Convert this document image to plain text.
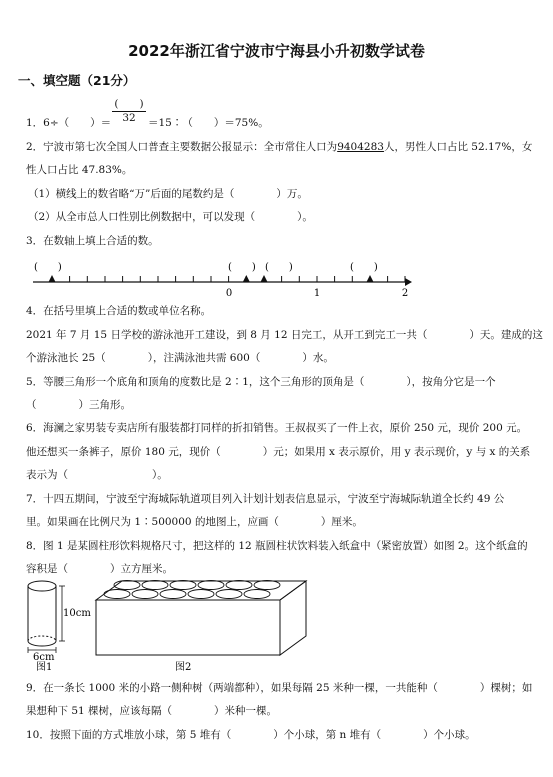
2022年浙江省宁波市宁海县小升初数学试卷
一、填空题（21分）
(　　)
32
1．6÷（　　）＝	＝15∶（　　）＝75%。
2．宁波市第七次全国人口普查主要数据公报显示：全市常住人口为9404283人，男性人口占比 52.17%，女
性人口占比 47.83%。
（1）横线上的数省略“万”后面的尾数约是（　　　　）万。
（2）从全市总人口性别比例数据中，可以发现（　　　　）。
3．在数轴上填上合适的数。
(　　)	(　　) (　　)	(　　)
0	1	2
4．在括号里填上合适的数或单位名称。
2021 年 7 月 15 日学校的游泳池开工建设，到 8 月 12 日完工，从开工到完工一共（　　　　）天。建成的这
个游泳池长 25（　　　　），注满泳池共需 600（　　　　）水。
5．等腰三角形一个底角和顶角的度数比是 2∶1，这个三角形的顶角是（　　　　），按角分它是一个
（　　　　）三角形。
6．海澜之家男装专卖店所有服装都打同样的折扣销售。王叔叔买了一件上衣，原价 250 元，现价 200 元。
他还想买一条裤子，原价 180 元，现价（　　　　）元；如果用 x 表示原价，用 y 表示现价，y 与 x 的关系
表示为（　　　　　　　　）。
7．十四五期间，宁波至宁海城际轨道项目列入计划计划表信息显示，宁波至宁海城际轨道全长约 49 公
里。如果画在比例尺为 1∶500000 的地图上，应画（　　　　）厘米。
8．图 1 是某圆柱形饮料规格尺寸，把这样的 12 瓶圆柱状饮料装入纸盒中（紧密放置）如图 2。这个纸盒的
容积是（　　　　）立方厘米。
10cm
6cm
图1	图2
9．在一条长 1000 米的小路一侧种树（两端都种），如果每隔 25 米种一棵，一共能种（　　　　）棵树；如
果想种下 51 棵树，应该每隔（　　　　）米种一棵。
10．按照下面的方式堆放小球，第 5 堆有（　　　　）个小球，第 n 堆有（　　　　）个小球。
